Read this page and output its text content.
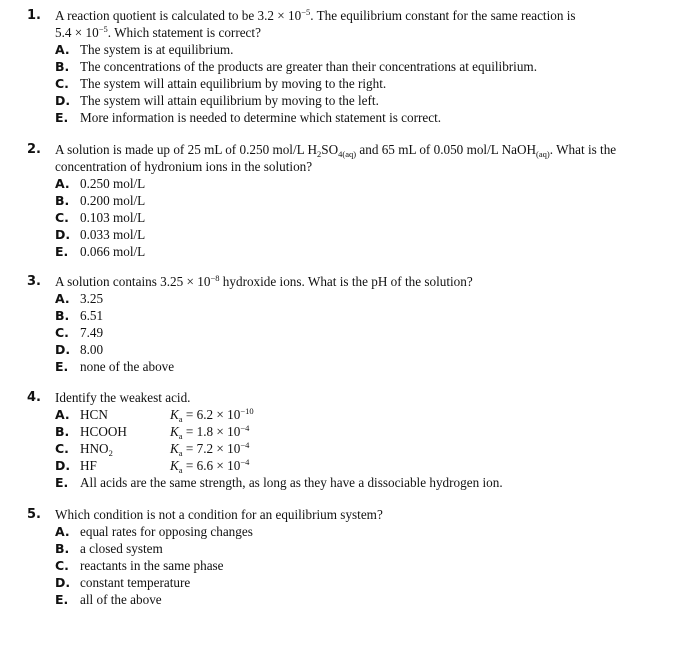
1. A reaction quotient is calculated to be $3.2 \times 10^{-5}$. The equilibrium constant for the same reaction is
$5.4 \times 10^{-5}$. Which statement is correct?
A. The system is at equilibrium.
B. The concentrations of the products are greater than their concentrations at equilibrium.
C. The system will attain equilibrium by moving to the right.
D. The system will attain equilibrium by moving to the left.
E. More information is needed to determine which statement is correct.
2. A solution is made up of 25 mL of 0.250 mol/L $H_2SO_{4(aq)}$ and 65 mL of 0.050 mol/L NaOH$_{(aq)}$. What is the
concentration of hydronium ions in the solution?
A. 0.250 mol/L
B. 0.200 mol/L
C. 0.103 mol/L
D. 0.033 mol/L
E. 0.066 mol/L
3. A solution contains $3.25 \times 10^{-8}$ hydroxide ions. What is the pH of the solution?
A. 3.25
B. 6.51
C. 7.49
D. 8.00
E. none of the above
4. Identify the weakest acid.
A. HCN	$K_a = 6.2 \times 10^{-10}$
B. HCOOH	$K_a = 1.8 \times 10^{-4}$
C. $HNO_2$	$K_a = 7.2 \times 10^{-4}$
D. HF	$K_a = 6.6 \times 10^{-4}$
E. All acids are the same strength, as long as they have a dissociable hydrogen ion.
5. Which condition is not a condition for an equilibrium system?
A. equal rates for opposing changes
B. a closed system
C. reactants in the same phase
D. constant temperature
E. all of the above
